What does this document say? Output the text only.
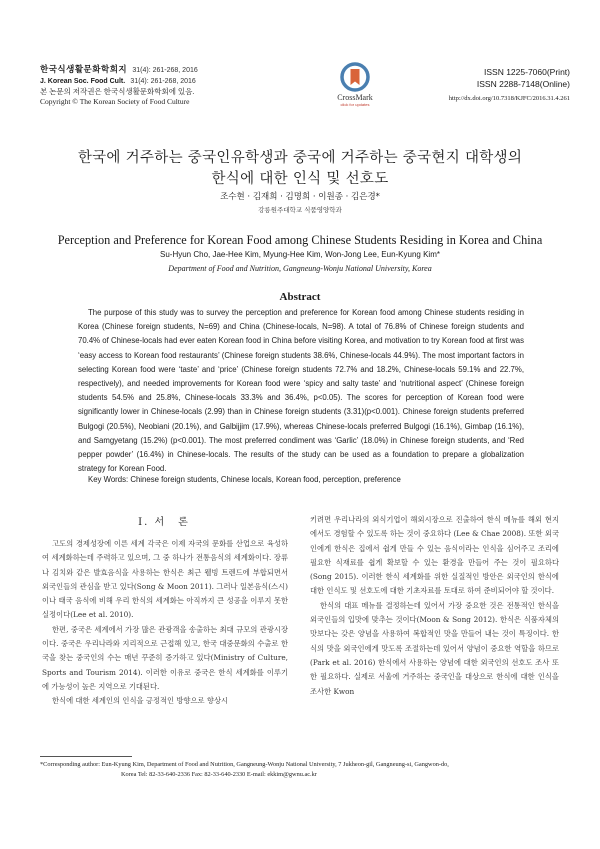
한국식생활문화학회지 31(4): 261-268, 2016
J. Korean Soc. Food Cult. 31(4): 261-268, 2016
본 논문의 저작권은 한국식생활문화학회에 있음.
Copyright © The Korean Society of Food Culture	CrossMark
click for updates
ISSN 1225-7060(Print)
ISSN 2288-7148(Online)
http://dx.doi.org/10.7318/KJFC/2016.31.4.261
한국에 거주하는 중국인유학생과 중국에 거주하는 중국현지 대학생의
한식에 대한 인식 및 선호도
조수현 · 김재희 · 김명희 · 이원종 · 김은경*
강릉원주대학교 식품영양학과
Perception and Preference for Korean Food among Chinese Students Residing in Korea and China
Su-Hyun Cho, Jae-Hee Kim, Myung-Hee Kim, Won-Jong Lee, Eun-Kyung Kim*
Department of Food and Nutrition, Gangneung-Wonju National University, Korea
Abstract
The purpose of this study was to survey the perception and preference for Korean food among Chinese students residing in Korea (Chinese foreign students, N=69) and China (Chinese-locals, N=98). A total of 76.8% of Chinese foreign students and 70.4% of Chinese-locals had ever eaten Korean food in China before visiting Korea, and motivation to try Korean food at first was ‘easy access to Korean food restaurants’ (Chinese foreign students 38.6%, Chinese-locals 44.9%). The most important factors in selecting Korean food were ‘taste’ and ‘price’ (Chinese foreign students 72.7% and 18.2%, Chinese-locals 59.1% and 22.7%, respectively), and needed improvements for Korean food were ‘spicy and salty taste’ and ‘nutritional aspect’ (Chinese foreign students 54.5% and 25.8%, Chinese-locals 33.3% and 36.4%, p<0.05). The scores for perception of Korean food were significantly lower in Chinese-locals (2.99) than in Chinese foreign students (3.31)(p<0.001). Chinese foreign students preferred Bulgogi (20.5%), Neobiani (20.1%), and Galbijjim (17.9%), whereas Chinese-locals preferred Bulgogi (16.1%), Gimbap (16.1%), and Samgyetang (15.2%) (p<0.001). The most preferred condiment was ‘Garlic’ (18.0%) in Chinese foreign students, and ‘Red pepper powder’ (16.4%) in Chinese-locals. The results of the study can be used as a foundation to prepare a globalization strategy for Korean Food.
Key Words: Chinese foreign students, Chinese locals, Korean food, perception, preference
I. 서　론

고도의 경제성장에 이른 세계 각국은 이제 자국의 문화를 산업으로 육성하여 세계화하는데 주력하고 있으며, 그 중 하나가 전통음식의 세계화이다. 장류나 김치와 같은 발효음식을 사용하는 한식은 최근 웰빙 트렌드에 부합되면서 외국인들의 관심을 받고 있다(Song & Moon 2011). 그러나 일본음식(스시)이나 태국 음식에 비해 우리 한식의 세계화는 아직까지 큰 성공을 이루지 못한 실정이다(Lee et al. 2010).

한편, 중국은 세계에서 가장 많은 관광객을 송출하는 최대 규모의 관광시장이다. 중국은 우리나라와 지리적으로 근접해 있고, 한국 대중문화의 수출로 한국을 찾는 중국인의 수는 매년 꾸준히 증가하고 있다(Ministry of Culture, Sports and Tourism 2014). 이러한 이유로 중국은 한식 세계화를 이루기에 가능성이 높은 지역으로 기대된다.

한식에 대한 세계인의 인식을 긍정적인 방향으로 향상시

키려면 우리나라의 외식기업이 해외시장으로 진출하여 한식 메뉴를 해외 현지에서도 경험할 수 있도록 하는 것이 중요하다 (Lee & Chae 2008). 또한 외국인에게 한식은 집에서 쉽게 만들 수 있는 음식이라는 인식을 심어주고 조리에 필요한 식재료를 쉽게 확보할 수 있는 환경을 만들어 주는 것이 필요하다(Song 2015). 이러한 한식 세계화를 위한 실질적인 방안은 외국인의 한식에 대한 인식도 및 선호도에 대한 기초자료를 토대로 하여 준비되어야 할 것이다.

한식의 대표 메뉴를 결정하는데 있어서 가장 중요한 것은 전통적인 한식을 외국인들의 입맛에 맞추는 것이다(Moon & Song 2012). 한식은 식품자체의 맛보다는 갖은 양념을 사용하여 복합적인 맛을 만들어 내는 것이 특징이다. 한식의 맛을 외국인에게 맛도록 조절하는데 있어서 양념이 중요한 역할을 하므로(Park et al. 2016) 한식에서 사용하는 양념에 대한 외국인의 선호도 조사 또한 필요하다. 실제로 서울에 거주하는 중국인을 대상으로 한식에 대한 인식을 조사한 Kwon

*Corresponding author: Eun-Kyung Kim, Department of Food and Nutrition, Gangneung-Wonju National University, 7 Jukheon-gil, Gangneung-si, Gangwon-do,
Korea Tel: 82-33-640-2336 Fax: 82-33-640-2330 E-mail: ekkim@gwnu.ac.kr
